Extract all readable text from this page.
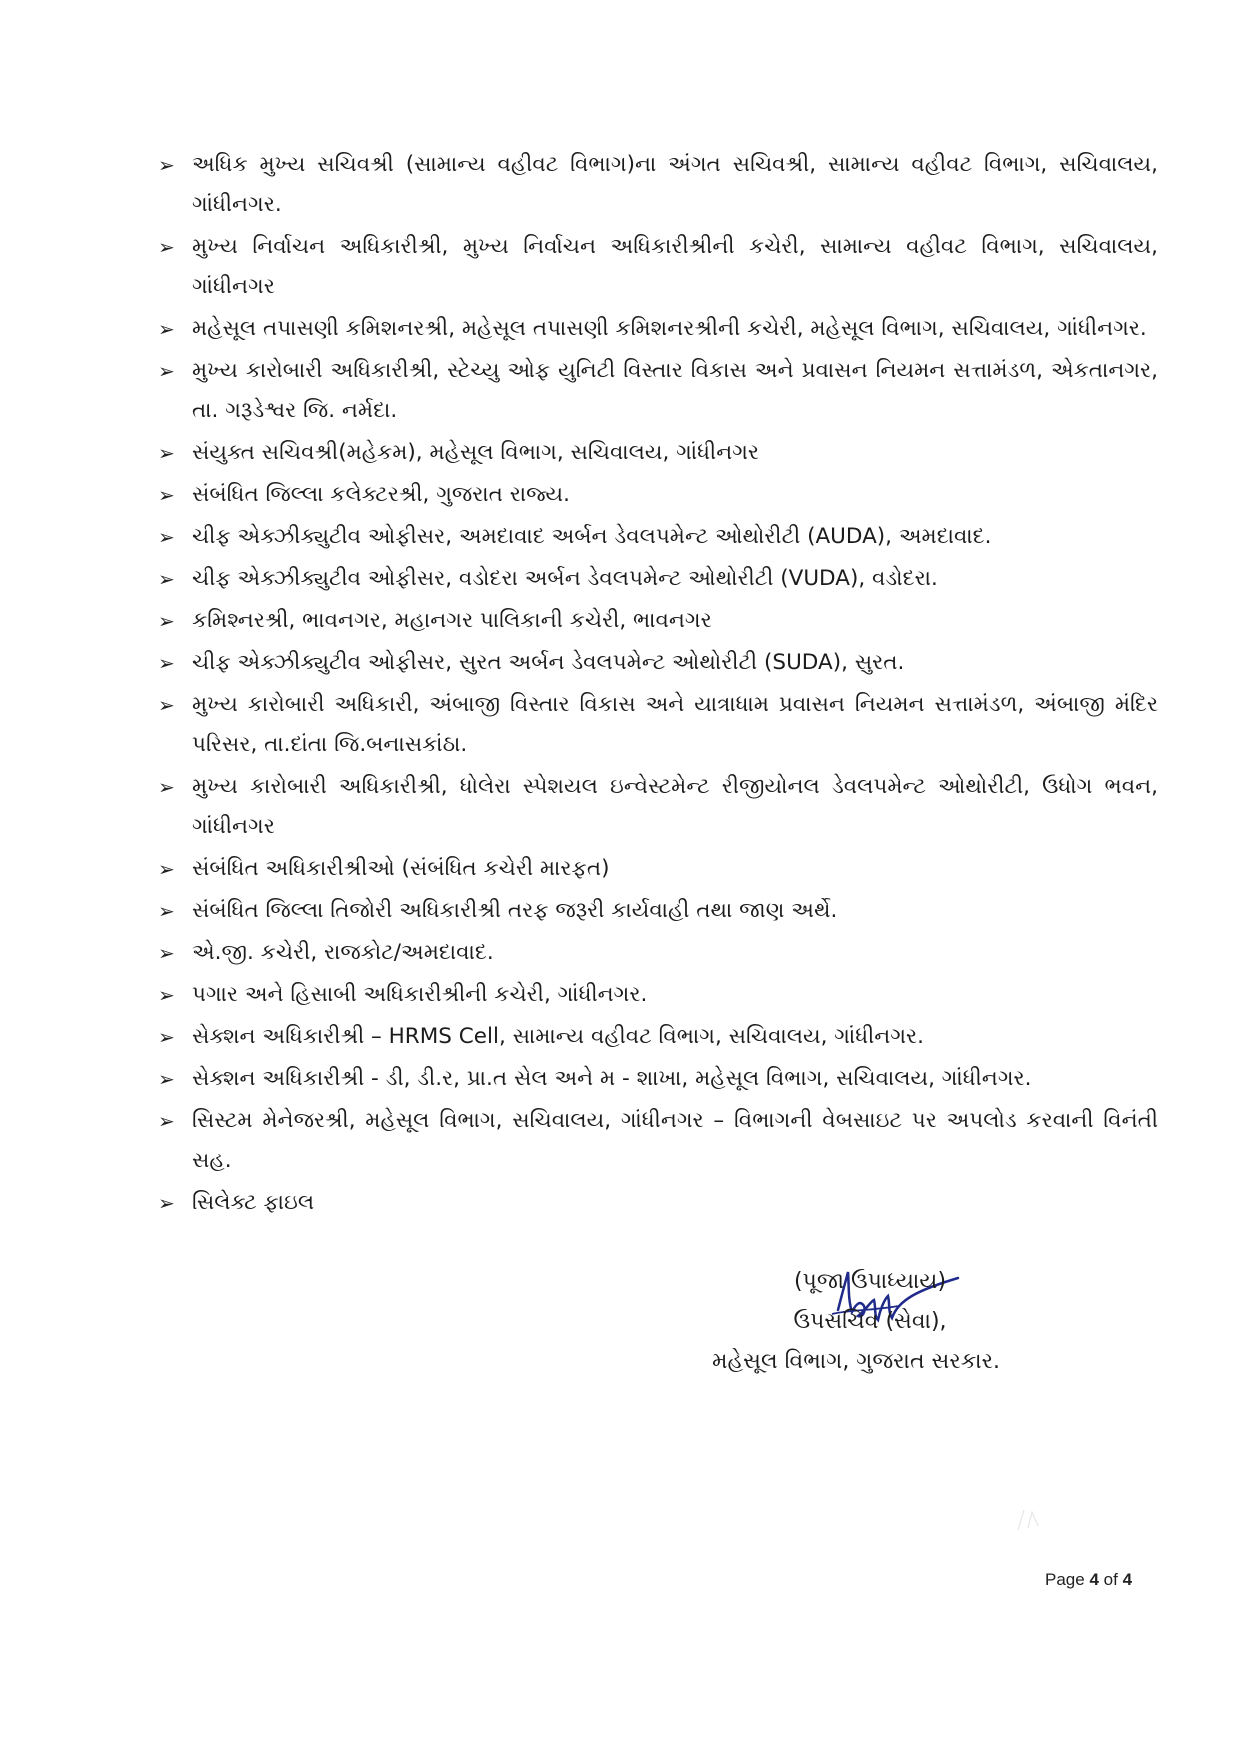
➢ અધિક મુખ્ય સચિવશ્રી (સામાન્ય વહીવટ વિભાગ)ના અંગત સચિવશ્રી, સામાન્ય વહીવટ વિભાગ, સચિવાલય, ગાંધીનગર.
➢ મુખ્ય નિર્વાચન અધિકારીશ્રી, મુખ્ય નિર્વાચન અધિકારીશ્રીની કચેરી, સામાન્ય વહીવટ વિભાગ, સચિવાલય, ગાંધીનગર
➢ મહેસૂલ તપાસણી કમિશનરશ્રી, મહેસૂલ તપાસણી કમિશનરશ્રીની કચેરી, મહેસૂલ વિભાગ, સચિવાલય, ગાંધીનગર.
➢ મુખ્ય કારોબારી અધિકારીશ્રી, સ્ટેચ્યુ ઓફ યુનિટી વિસ્તાર વિકાસ અને પ્રવાસન નિયમન સત્તામંડળ, એકતાનગર, તા. ગરૂડેશ્વર જિ. નર્મદા.
➢ સંયુક્ત સચિવશ્રી(મહેકમ), મહેસૂલ વિભાગ, સચિવાલય, ગાંધીનગર
➢ સંબંધિત જિલ્લા કલેક્ટરશ્રી, ગુજરાત રાજ્ય.
➢ ચીફ એક્ઝીક્યુટીવ ઓફીસર, અમદાવાદ અર્બન ડેવલપમેન્ટ ઓથોરીટી (AUDA), અમદાવાદ.
➢ ચીફ એક્ઝીક્યુટીવ ઓફીસર, વડોદરા અર્બન ડેવલપમેન્ટ ઓથોરીટી (VUDA), વડોદરા.
➢ કમિશ્નરશ્રી, ભાવનગર, મહાનગર પાલિકાની કચેરી, ભાવનગર
➢ ચીફ એક્ઝીક્યુટીવ ઓફીસર, સુરત અર્બન ડેવલપમેન્ટ ઓથોરીટી (SUDA), સુરત.
➢ મુખ્ય કારોબારી અધિકારી, અંબાજી વિસ્તાર વિકાસ અને યાત્રાધામ પ્રવાસન નિયમન સત્તામંડળ, અંબાજી મંદિર પરિસર, તા.દાંતા જિ.બનાસકાંઠા.
➢ મુખ્ય કારોબારી અધિકારીશ્રી, ધોલેરા સ્પેશયલ ઇન્વેસ્ટમેન્ટ રીજીયોનલ ડેવલપમેન્ટ ઓથોરીટી, ઉધોગ ભવન, ગાંધીનગર
➢ સંબંધિત અધિકારીશ્રીઓ (સંબંધિત કચેરી મારફત)
➢ સંબંધિત જિલ્લા તિજોરી અધિકારીશ્રી તરફ જરૂરી કાર્યવાહી તથા જાણ અર્થે.
➢ એ.જી. કચેરી, રાજકોટ/અમદાવાદ.
➢ પગાર અને હિસાબી અધિકારીશ્રીની કચેરી, ગાંધીનગર.
➢ સેક્શન અધિકારીશ્રી – HRMS Cell, સામાન્ય વહીવટ વિભાગ, સચિવાલય, ગાંધીનગર.
➢ સેક્શન અધિકારીશ્રી - ડી, ડી.ર, પ્રા.ત સેલ અને મ - શાખા, મહેસૂલ વિભાગ, સચિવાલય, ગાંધીનગર.
➢ સિસ્ટમ મેનેજરશ્રી, મહેસૂલ વિભાગ, સચિવાલય, ગાંધીનગર – વિભાગની વેબસાઇટ પર અપલોડ કરવાની વિનંતી સહ.
➢ સિલેક્ટ ફાઇલ
(પૂજા ઉપાધ્યાય)
ઉપસચિવ (સેવા),
મહેસૂલ વિભાગ, ગુજરાત સરકાર.
Page 4 of 4
